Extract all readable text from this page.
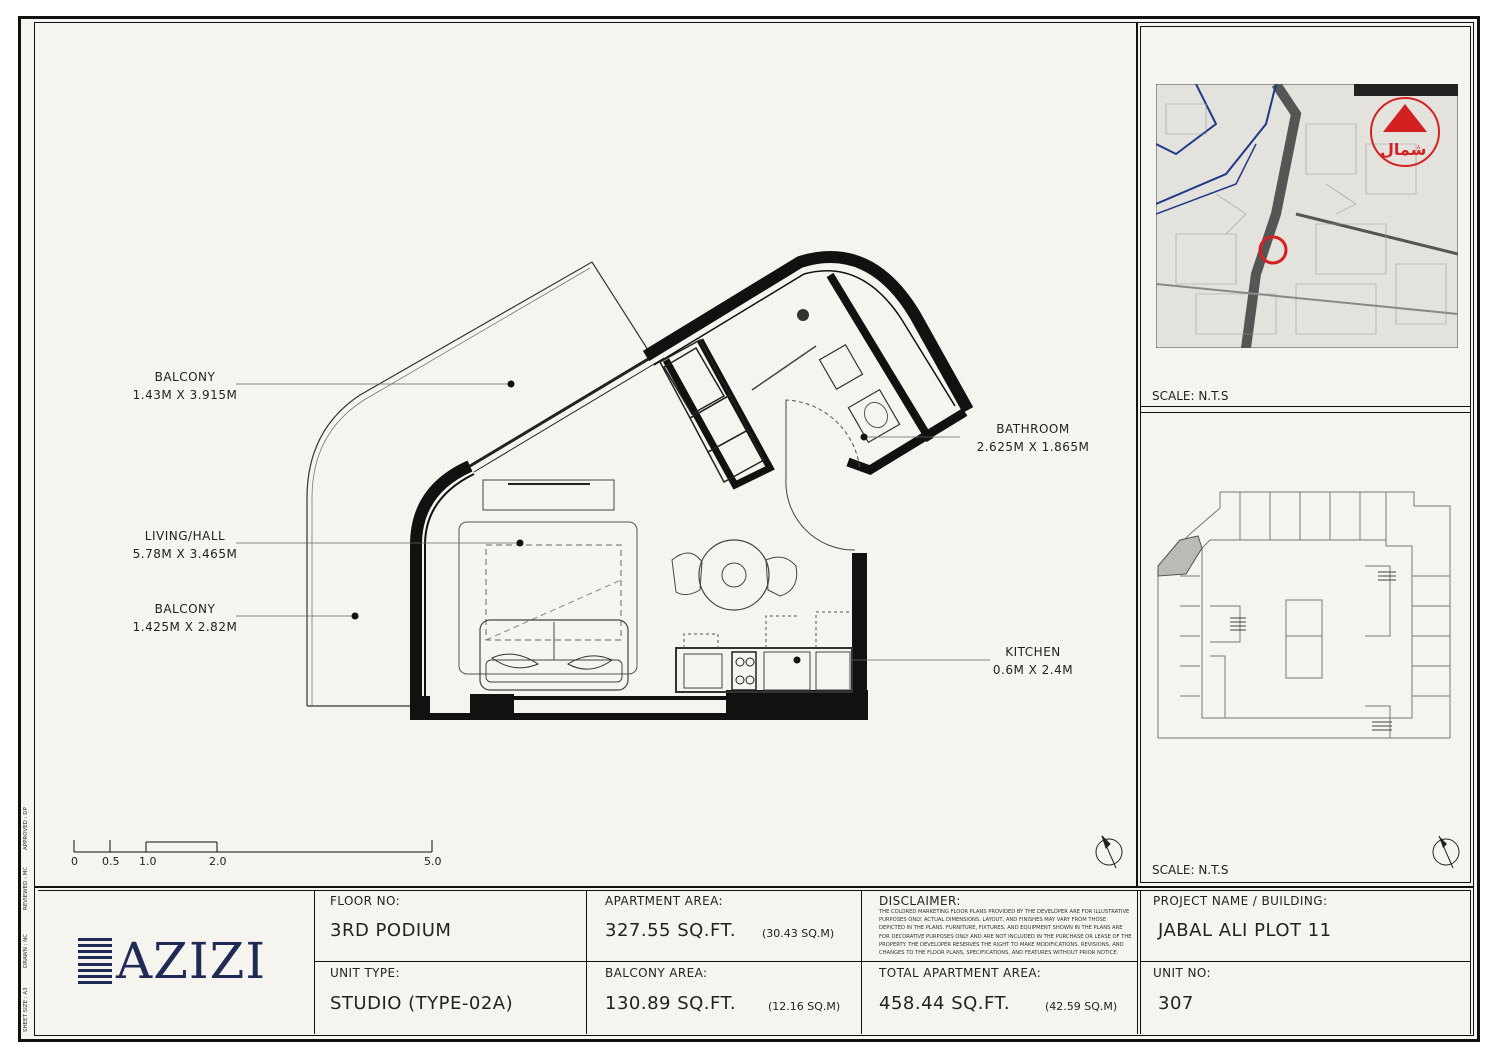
APPROVED : DP
REVIEWED : MC
DRAWN : NC
SHEET SIZE : A3
BALCONY
1.43M X 3.915M
LIVING/HALL
5.78M X 3.465M
BALCONY
1.425M X 2.82M
BATHROOM
2.625M X 1.865M
KITCHEN
0.6M X 2.4M
0 0.5 1.0	2.0	5.0
شمال
SCALE: N.T.S
SCALE: N.T.S
AZIZI
FLOOR NO:
3RD PODIUM
UNIT TYPE:
STUDIO (TYPE-02A)
APARTMENT AREA:
327.55 SQ.FT. (30.43 SQ.M)
BALCONY AREA:
130.89 SQ.FT.	(12.16 SQ.M)
DISCLAIMER:
THE COLORED MARKETING FLOOR PLANS PROVIDED BY THE DEVELOPER ARE FOR ILLUSTRATIVE PURPOSES ONLY. ACTUAL DIMENSIONS, LAYOUT, AND FINISHES MAY VARY FROM THOSE DEPICTED IN THE PLANS. FURNITURE, FIXTURES, AND EQUIPMENT SHOWN IN THE PLANS ARE FOR DECORATIVE PURPOSES ONLY AND ARE NOT INCLUDED IN THE PURCHASE OR LEASE OF THE PROPERTY. THE DEVELOPER RESERVES THE RIGHT TO MAKE MODIFICATIONS, REVISIONS, AND CHANGES TO THE FLOOR PLANS, SPECIFICATIONS, AND FEATURES WITHOUT PRIOR NOTICE.
TOTAL APARTMENT AREA:
458.44 SQ.FT.	(42.59 SQ.M)
PROJECT NAME / BUILDING:
JABAL ALI PLOT 11
UNIT NO:
307
